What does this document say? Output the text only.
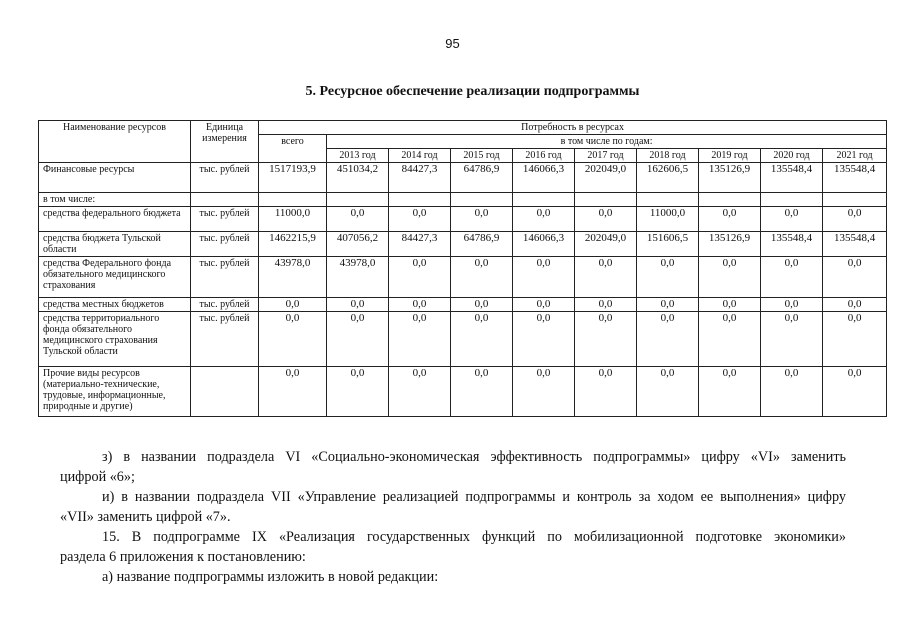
95
5. Ресурсное обеспечение реализации подпрограммы
Наименование ресурсов	Единица измерения	Потребность в ресурсах									
		всего	в том числе по годам:								
			2013 год	2014 год	2015 год	2016 год	2017 год	2018 год	2019 год	2020 год	2021 год
Финансовые ресурсы	тыс. рублей	1517193,9	451034,2	84427,3	64786,9	146066,3	202049,0	162606,5	135126,9	135548,4	135548,4
в том числе:											
средства федерального бюджета	тыс. рублей	11000,0	0,0	0,0	0,0	0,0	0,0	11000,0	0,0	0,0	0,0
средства бюджета Тульской области	тыс. рублей	1462215,9	407056,2	84427,3	64786,9	146066,3	202049,0	151606,5	135126,9	135548,4	135548,4
средства Федерального фонда обязательного медицинского страхования	тыс. рублей	43978,0	43978,0	0,0	0,0	0,0	0,0	0,0	0,0	0,0	0,0
средства местных бюджетов	тыс. рублей	0,0	0,0	0,0	0,0	0,0	0,0	0,0	0,0	0,0	0,0
средства территориального фонда обязательного медицинского страхования Тульской области	тыс. рублей	0,0	0,0	0,0	0,0	0,0	0,0	0,0	0,0	0,0	0,0
Прочие виды ресурсов (материально-технические, трудовые, информационные, природные и другие)		0,0	0,0	0,0	0,0	0,0	0,0	0,0	0,0	0,0	0,0

з) в названии подраздела VI «Социально-экономическая эффективность подпрограммы» цифру «VI» заменить

цифрой «6»;

и) в названии подраздела VII «Управление реализацией подпрограммы и контроль за ходом ее выполнения» цифру

«VII» заменить цифрой «7».

15. В подпрограмме IX «Реализация государственных функций по мобилизационной подготовке экономики»

раздела 6 приложения к постановлению:

а) название подпрограммы изложить в новой редакции:
